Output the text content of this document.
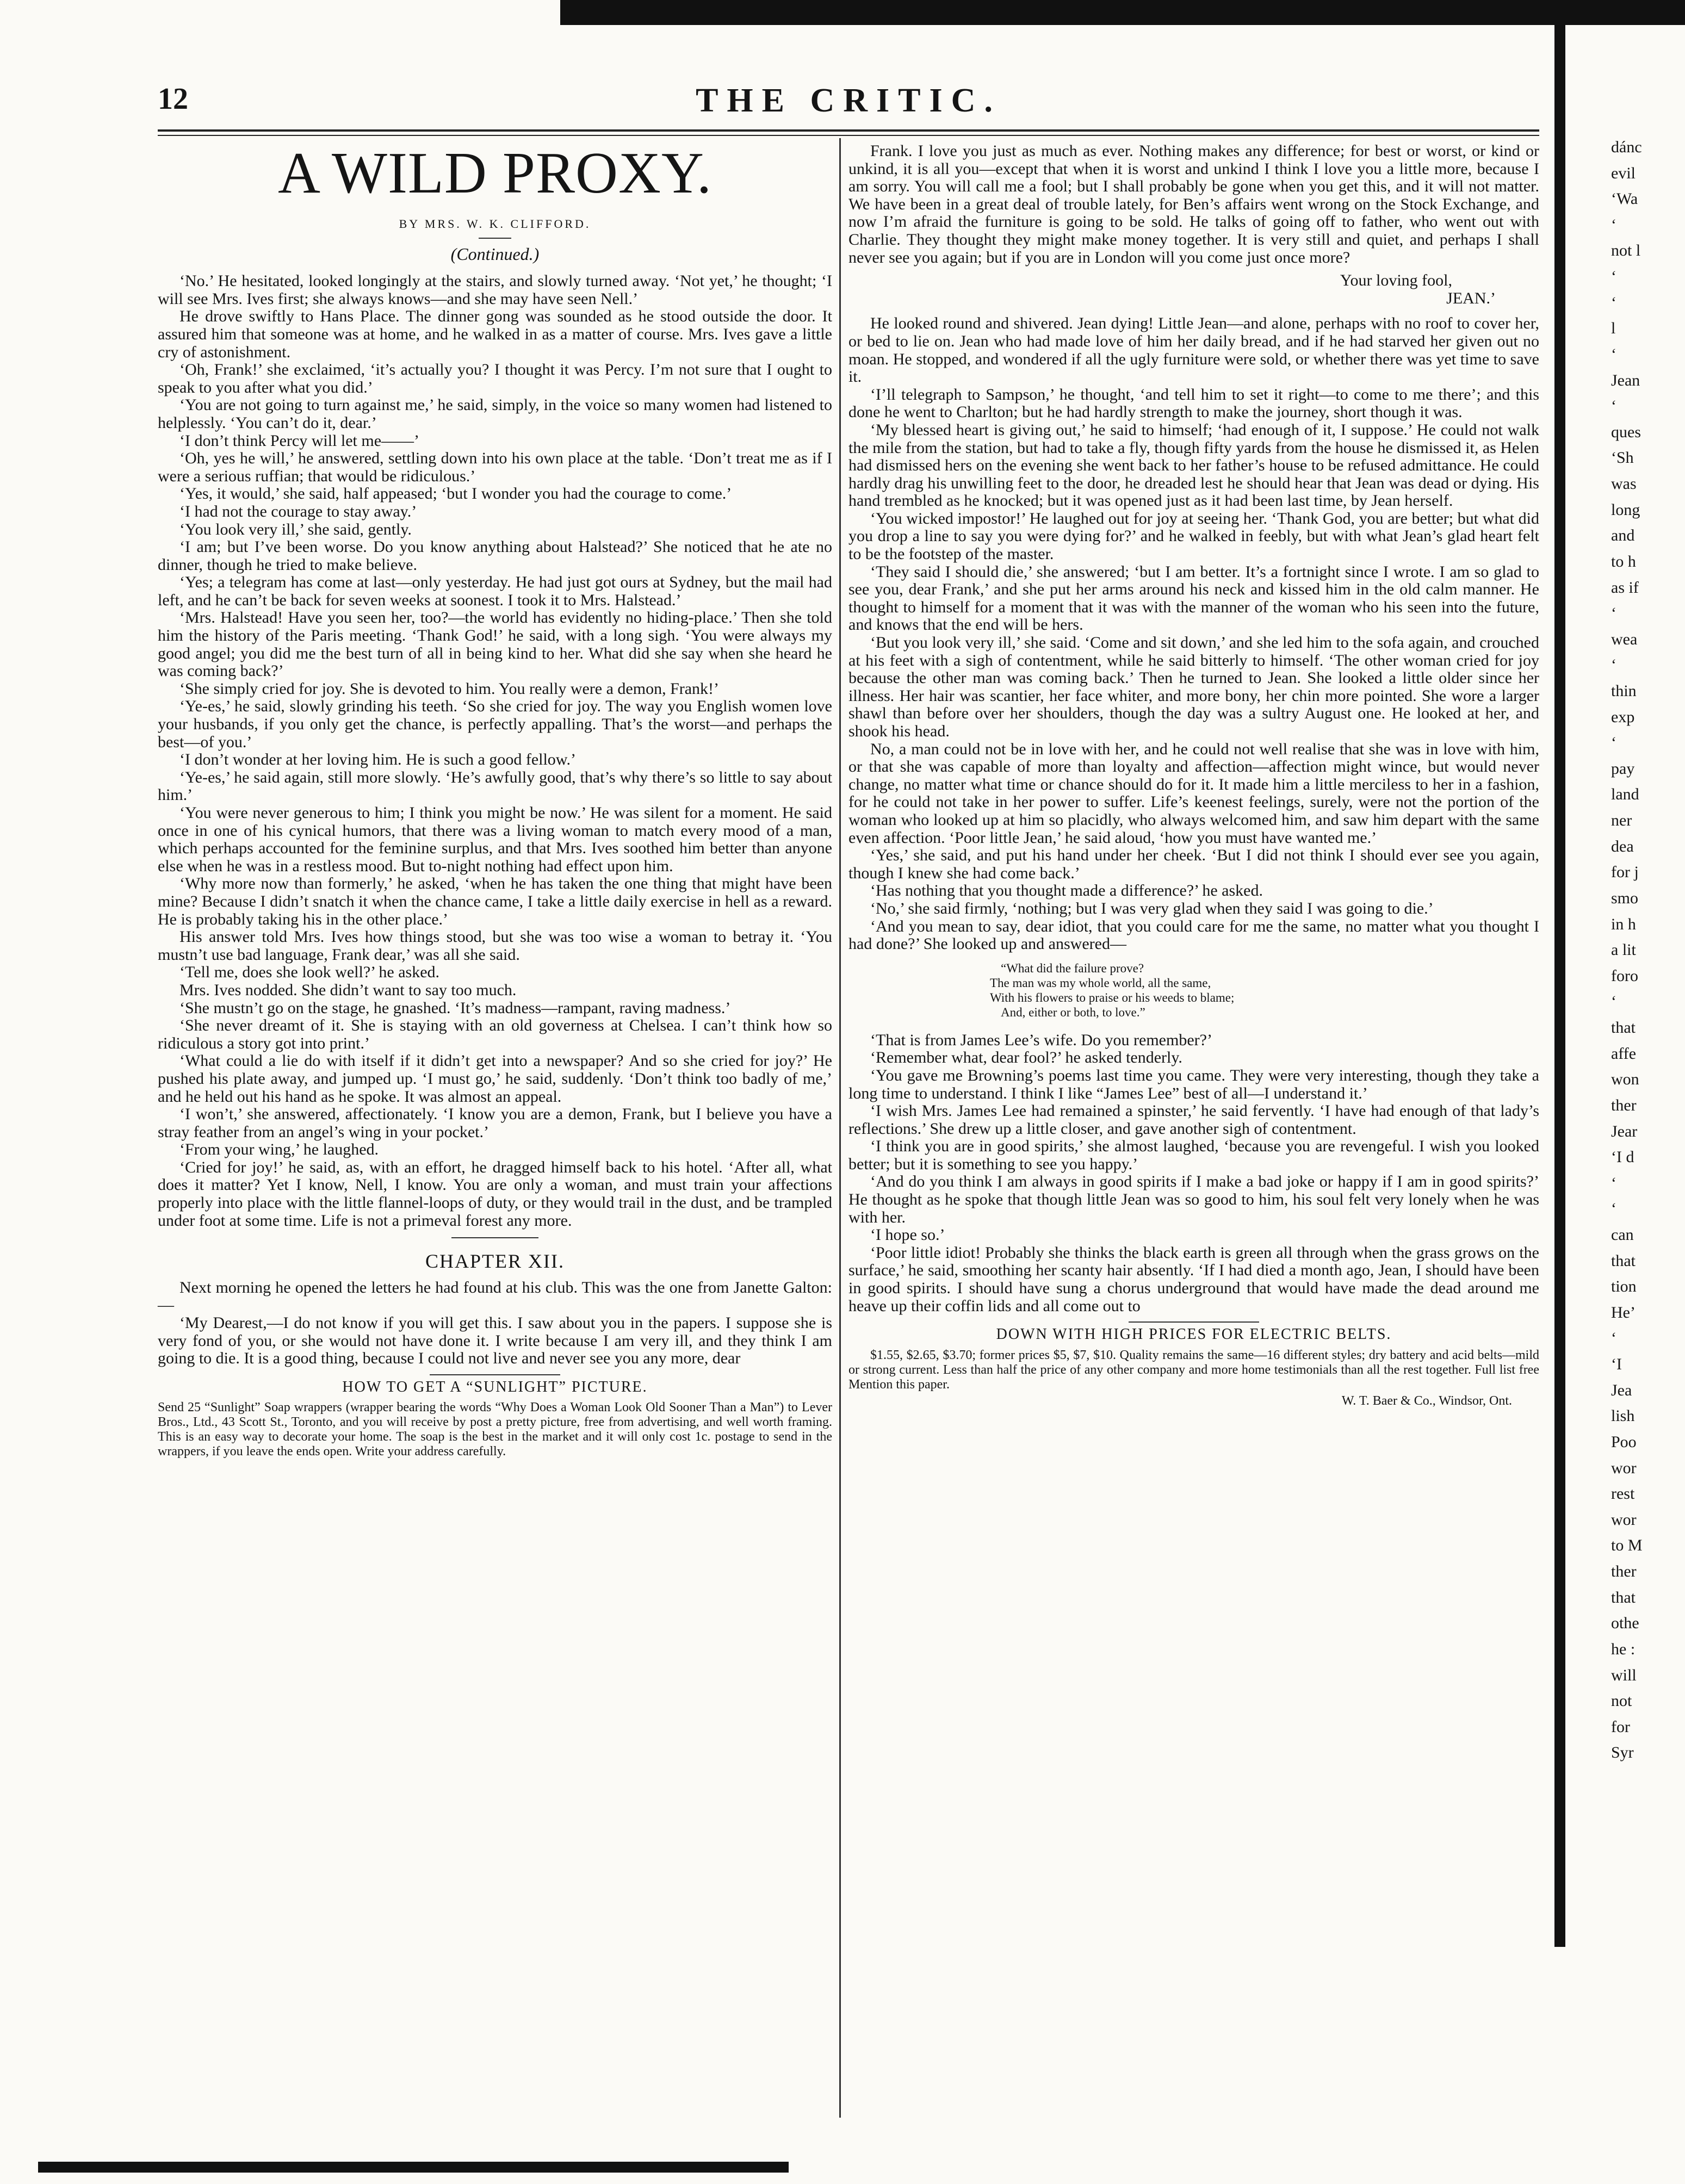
12	THE CRITIC.
A WILD PROXY.
BY MRS. W. K. CLIFFORD.
(Continued.)

‘No.’ He hesitated, looked longingly at the stairs, and slowly turned away. ‘Not yet,’ he thought; ‘I will see Mrs. Ives first; she always knows—and she may have seen Nell.’

He drove swiftly to Hans Place. The dinner gong was sounded as he stood outside the door. It assured him that someone was at home, and he walked in as a matter of course. Mrs. Ives gave a little cry of astonishment.

‘Oh, Frank!’ she exclaimed, ‘it’s actually you? I thought it was Percy. I’m not sure that I ought to speak to you after what you did.’

‘You are not going to turn against me,’ he said, simply, in the voice so many women had listened to helplessly. ‘You can’t do it, dear.’

‘I don’t think Percy will let me——’

‘Oh, yes he will,’ he answered, settling down into his own place at the table. ‘Don’t treat me as if I were a serious ruffian; that would be ridiculous.’

‘Yes, it would,’ she said, half appeased; ‘but I wonder you had the courage to come.’

‘I had not the courage to stay away.’

‘You look very ill,’ she said, gently.

‘I am; but I’ve been worse. Do you know anything about Halstead?’ She noticed that he ate no dinner, though he tried to make believe.

‘Yes; a telegram has come at last—only yesterday. He had just got ours at Sydney, but the mail had left, and he can’t be back for seven weeks at soonest. I took it to Mrs. Halstead.’

‘Mrs. Halstead! Have you seen her, too?—the world has evidently no hiding-place.’ Then she told him the history of the Paris meeting. ‘Thank God!’ he said, with a long sigh. ‘You were always my good angel; you did me the best turn of all in being kind to her. What did she say when she heard he was coming back?’

‘She simply cried for joy. She is devoted to him. You really were a demon, Frank!’

‘Ye-es,’ he said, slowly grinding his teeth. ‘So she cried for joy. The way you English women love your husbands, if you only get the chance, is perfectly appalling. That’s the worst—and perhaps the best—of you.’

‘I don’t wonder at her loving him. He is such a good fellow.’

‘Ye-es,’ he said again, still more slowly. ‘He’s awfully good, that’s why there’s so little to say about him.’

‘You were never generous to him; I think you might be now.’ He was silent for a moment. He said once in one of his cynical humors, that there was a living woman to match every mood of a man, which perhaps accounted for the feminine surplus, and that Mrs. Ives soothed him better than anyone else when he was in a restless mood. But to-night nothing had effect upon him.

‘Why more now than formerly,’ he asked, ‘when he has taken the one thing that might have been mine? Because I didn’t snatch it when the chance came, I take a little daily exercise in hell as a reward. He is probably taking his in the other place.’

His answer told Mrs. Ives how things stood, but she was too wise a woman to betray it. ‘You mustn’t use bad language, Frank dear,’ was all she said.

‘Tell me, does she look well?’ he asked.

Mrs. Ives nodded. She didn’t want to say too much.

‘She mustn’t go on the stage, he gnashed. ‘It’s madness—rampant, raving madness.’

‘She never dreamt of it. She is staying with an old governess at Chelsea. I can’t think how so ridiculous a story got into print.’

‘What could a lie do with itself if it didn’t get into a newspaper? And so she cried for joy?’ He pushed his plate away, and jumped up. ‘I must go,’ he said, suddenly. ‘Don’t think too badly of me,’ and he held out his hand as he spoke. It was almost an appeal.

‘I won’t,’ she answered, affectionately. ‘I know you are a demon, Frank, but I believe you have a stray feather from an angel’s wing in your pocket.’

‘From your wing,’ he laughed.

‘Cried for joy!’ he said, as, with an effort, he dragged himself back to his hotel. ‘After all, what does it matter? Yet I know, Nell, I know. You are only a woman, and must train your affections properly into place with the little flannel-loops of duty, or they would trail in the dust, and be trampled under foot at some time. Life is not a primeval forest any more.

CHAPTER XII.

Next morning he opened the letters he had found at his club. This was the one from Janette Galton:—

‘My Dearest,—I do not know if you will get this. I saw about you in the papers. I suppose she is very fond of you, or she would not have done it. I write because I am very ill, and they think I am going to die. It is a good thing, because I could not live and never see you any more, dear

HOW TO GET A “SUNLIGHT” PICTURE.
Send 25 “Sunlight” Soap wrappers (wrapper bearing the words “Why Does a Woman Look Old Sooner Than a Man”) to Lever Bros., Ltd., 43 Scott St., Toronto, and you will receive by post a pretty picture, free from advertising, and well worth framing. This is an easy way to decorate your home. The soap is the best in the market and it will only cost 1c. postage to send in the wrappers, if you leave the ends open. Write your address carefully.

Frank. I love you just as much as ever. Nothing makes any difference; for best or worst, or kind or unkind, it is all you—except that when it is worst and unkind I think I love you a little more, because I am sorry. You will call me a fool; but I shall probably be gone when you get this, and it will not matter. We have been in a great deal of trouble lately, for Ben’s affairs went wrong on the Stock Exchange, and now I’m afraid the furniture is going to be sold. He talks of going off to father, who went out with Charlie. They thought they might make money together. It is very still and quiet, and perhaps I shall never see you again; but if you are in London will you come just once more?

Your loving fool,
JEAN.’

He looked round and shivered. Jean dying! Little Jean—and alone, perhaps with no roof to cover her, or bed to lie on. Jean who had made love of him her daily bread, and if he had starved her given out no moan. He stopped, and wondered if all the ugly furniture were sold, or whether there was yet time to save it.

‘I’ll telegraph to Sampson,’ he thought, ‘and tell him to set it right—to come to me there’; and this done he went to Charlton; but he had hardly strength to make the journey, short though it was.

‘My blessed heart is giving out,’ he said to himself; ‘had enough of it, I suppose.’ He could not walk the mile from the station, but had to take a fly, though fifty yards from the house he dismissed it, as Helen had dismissed hers on the evening she went back to her father’s house to be refused admittance. He could hardly drag his unwilling feet to the door, he dreaded lest he should hear that Jean was dead or dying. His hand trembled as he knocked; but it was opened just as it had been last time, by Jean herself.

‘You wicked impostor!’ He laughed out for joy at seeing her. ‘Thank God, you are better; but what did you drop a line to say you were dying for?’ and he walked in feebly, but with what Jean’s glad heart felt to be the footstep of the master.

‘They said I should die,’ she answered; ‘but I am better. It’s a fortnight since I wrote. I am so glad to see you, dear Frank,’ and she put her arms around his neck and kissed him in the old calm manner. He thought to himself for a moment that it was with the manner of the woman who his seen into the future, and knows that the end will be hers.

‘But you look very ill,’ she said. ‘Come and sit down,’ and she led him to the sofa again, and crouched at his feet with a sigh of contentment, while he said bitterly to himself. ‘The other woman cried for joy because the other man was coming back.’ Then he turned to Jean. She looked a little older since her illness. Her hair was scantier, her face whiter, and more bony, her chin more pointed. She wore a larger shawl than before over her shoulders, though the day was a sultry August one. He looked at her, and shook his head.

No, a man could not be in love with her, and he could not well realise that she was in love with him, or that she was capable of more than loyalty and affection—affection might wince, but would never change, no matter what time or chance should do for it. It made him a little merciless to her in a fashion, for he could not take in her power to suffer. Life’s keenest feelings, surely, were not the portion of the woman who looked up at him so placidly, who always welcomed him, and saw him depart with the same even affection. ‘Poor little Jean,’ he said aloud, ‘how you must have wanted me.’

‘Yes,’ she said, and put his hand under her cheek. ‘But I did not think I should ever see you again, though I knew she had come back.’

‘Has nothing that you thought made a difference?’ he asked.

‘No,’ she said firmly, ‘nothing; but I was very glad when they said I was going to die.’

‘And you mean to say, dear idiot, that you could care for me the same, no matter what you thought I had done?’ She looked up and answered—

“What did the failure prove?
The man was my whole world, all the same,
With his flowers to praise or his weeds to blame;
And, either or both, to love.”

‘That is from James Lee’s wife. Do you remember?’

‘Remember what, dear fool?’ he asked tenderly.

‘You gave me Browning’s poems last time you came. They were very interesting, though they take a long time to understand. I think I like “James Lee” best of all—I understand it.’

‘I wish Mrs. James Lee had remained a spinster,’ he said fervently. ‘I have had enough of that lady’s reflections.’ She drew up a little closer, and gave another sigh of contentment.

‘I think you are in good spirits,’ she almost laughed, ‘because you are revengeful. I wish you looked better; but it is something to see you happy.’

‘And do you think I am always in good spirits if I make a bad joke or happy if I am in good spirits?’ He thought as he spoke that though little Jean was so good to him, his soul felt very lonely when he was with her.

‘I hope so.’

‘Poor little idiot! Probably she thinks the black earth is green all through when the grass grows on the surface,’ he said, smoothing her scanty hair absently. ‘If I had died a month ago, Jean, I should have been in good spirits. I should have sung a chorus underground that would have made the dead around me heave up their coffin lids and all come out to

DOWN WITH HIGH PRICES FOR ELECTRIC BELTS.
$1.55, $2.65, $3.70; former prices $5, $7, $10. Quality remains the same—16 different styles; dry battery and acid belts—mild or strong current. Less than half the price of any other company and more home testimonials than all the rest together. Full list free Mention this paper.
W. T. Baer & Co., Windsor, Ont.
dánc
evil
‘Wa
‘
not l
‘
‘
l
‘
Jean
‘
ques
‘Sh
was
long
and
to h
as if
‘
wea
‘
thin
exp
‘
pay
land
ner
dea
for j
smo
in h
a lit
foro
‘
that
affe
won
ther
Jear
‘I d
‘
‘
can
that
tion
He’
‘
‘I
Jea
lish
Poo
wor
rest
wor
to M
ther
that
othe
he :
will
not
for
Syr
